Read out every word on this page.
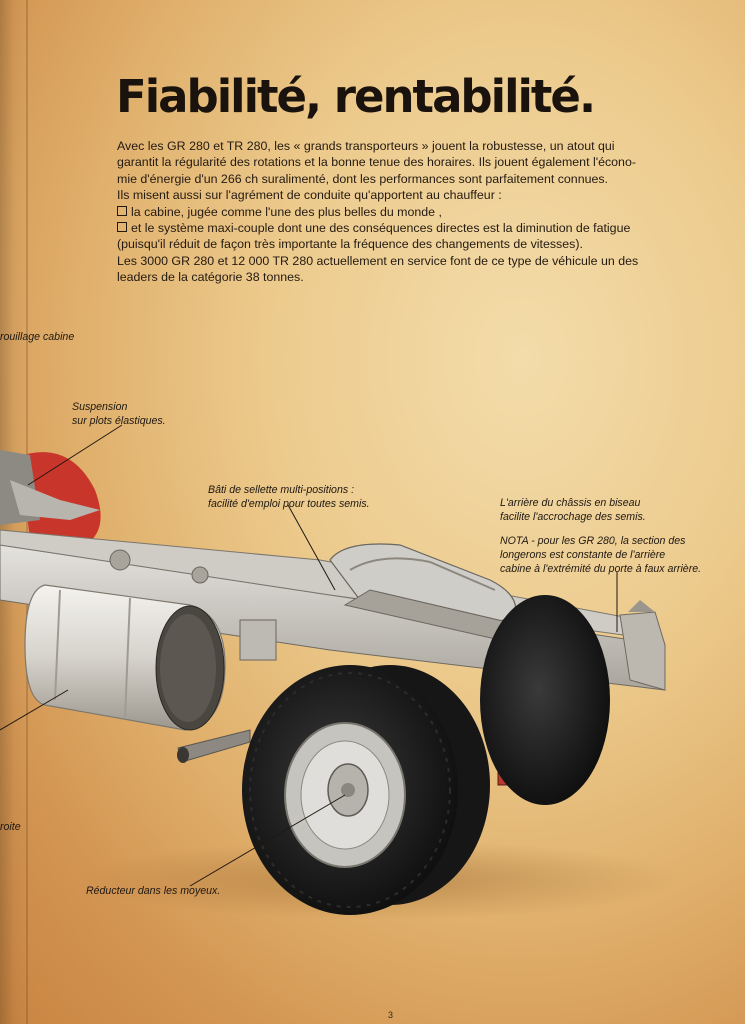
Fiabilité, rentabilité.

Avec les GR 280 et TR 280, les « grands transporteurs » jouent la robustesse, un atout qui

garantit la régularité des rotations et la bonne tenue des horaires. Ils jouent également l'écono-

mie d'énergie d'un 266 ch suralimenté, dont les performances sont parfaitement connues.

Ils misent aussi sur l'agrément de conduite qu'apportent au chauffeur :

la cabine, jugée comme l'une des plus belles du monde ,

et le système maxi-couple dont une des conséquences directes est la diminution de fatigue

(puisqu'il réduit de façon très importante la fréquence des changements de vitesses).

Les 3000 GR 280 et 12 000 TR 280 actuellement en service font de ce type de véhicule un des

leaders de la catégorie 38 tonnes.

rouillage cabine
Suspension
sur plots élastiques.
Bâti de sellette multi-positions :
facilité d'emploi pour toutes semis.	L'arrière du châssis en biseau
facilite l'accrochage des semis.
NOTA - pour les GR 280, la section des
longerons est constante de l'arrière
cabine à l'extrémité du porte à faux arrière.
roite
Réducteur dans les moyeux.
3
